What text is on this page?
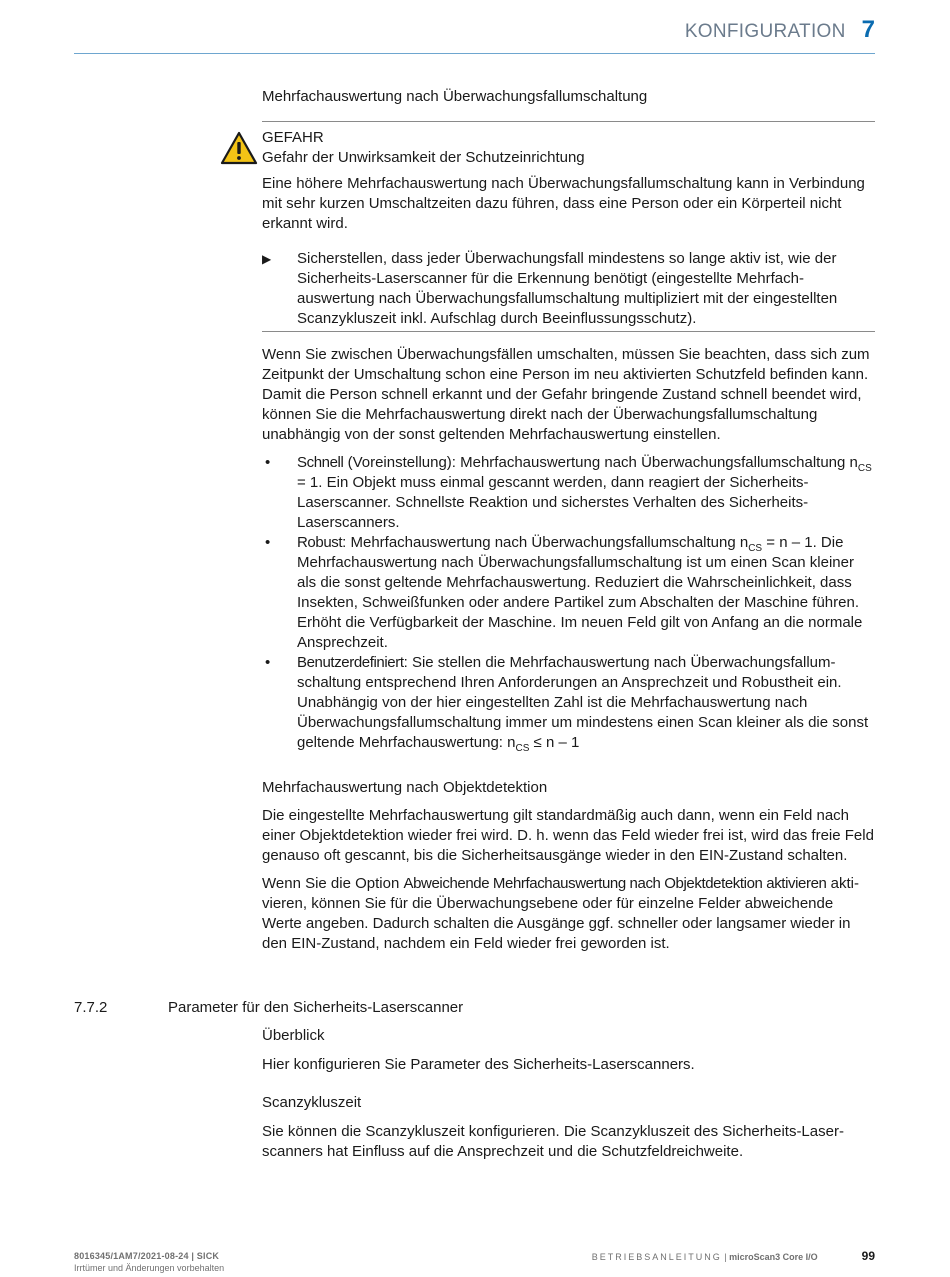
KONFIGURATION 7
Mehrfachauswertung nach Überwachungsfallumschaltung
GEFAHR
Gefahr der Unwirksamkeit der Schutzeinrichtung

Eine höhere Mehrfachauswertung nach Überwachungsfallumschaltung kann in Verbindung mit sehr kurzen Umschaltzeiten dazu führen, dass eine Person oder ein Körperteil nicht erkannt wird.

▶ Sicherstellen, dass jeder Überwachungsfall mindestens so lange aktiv ist, wie der Sicherheits-Laserscanner für die Erkennung benötigt (eingestellte Mehrfachauswertung nach Überwachungsfallumschaltung multipliziert mit der eingestellten Scanzykluszeit inkl. Aufschlag durch Beeinflussungsschutz).

Wenn Sie zwischen Überwachungsfällen umschalten, müssen Sie beachten, dass sich zum Zeitpunkt der Umschaltung schon eine Person im neu aktivierten Schutzfeld befinden kann. Damit die Person schnell erkannt und der Gefahr bringende Zustand schnell beendet wird, können Sie die Mehrfachauswertung direkt nach der Überwachungsfallumschaltung unabhängig von der sonst geltenden Mehrfachauswertung einstellen.

• Schnell (Voreinstellung): Mehrfachauswertung nach Überwachungsfallumschaltung $n_{CS} = 1$. Ein Objekt muss einmal gescannt werden, dann reagiert der Sicherheits-Laserscanner. Schnellste Reaktion und sicherstes Verhalten des Sicherheits-Laserscanners.
• Robust: Mehrfachauswertung nach Überwachungsfallumschaltung $n_{CS} = n - 1$. Die Mehrfachauswertung nach Überwachungsfallumschaltung ist um einen Scan kleiner als die sonst geltende Mehrfachauswertung. Reduziert die Wahrscheinlichkeit, dass Insekten, Schweißfunken oder andere Partikel zum Abschalten der Maschine führen. Erhöht die Verfügbarkeit der Maschine. Im neuen Feld gilt von Anfang an die normale Ansprechzeit.
• Benutzerdefiniert: Sie stellen die Mehrfachauswertung nach Überwachungsfallumschaltung entsprechend Ihren Anforderungen an Ansprechzeit und Robustheit ein. Unabhängig von der hier eingestellten Zahl ist die Mehrfachauswertung nach Überwachungsfallumschaltung immer um mindestens einen Scan kleiner als die sonst geltende Mehrfachauswertung: $n_{CS} \le n - 1$
Mehrfachauswertung nach Objektdetektion

Die eingestellte Mehrfachauswertung gilt standardmäßig auch dann, wenn ein Feld nach einer Objektdetektion wieder frei wird. D. h. wenn das Feld wieder frei ist, wird das freie Feld genauso oft gescannt, bis die Sicherheitsausgänge wieder in den EIN-Zustand schalten.

Wenn Sie die Option Abweichende Mehrfachauswertung nach Objektdetektion aktivieren aktivieren, können Sie für die Überwachungsebene oder für einzelne Felder abweichende Werte angeben. Dadurch schalten die Ausgänge ggf. schneller oder langsamer wieder in den EIN-Zustand, nachdem ein Feld wieder frei geworden ist.

7.7.2	Parameter für den Sicherheits-Laserscanner
Überblick
Hier konfigurieren Sie Parameter des Sicherheits-Laserscanners.
Scanzykluszeit
Sie können die Scanzykluszeit konfigurieren. Die Scanzykluszeit des Sicherheits-Laserscanners hat Einfluss auf die Ansprechzeit und die Schutzfeldreichweite.
8016345/1AM7/2021-08-24 | SICK
Irrtümer und Änderungen vorbehalten
BETRIEBSANLEITUNG | microScan3 Core I/O	99
